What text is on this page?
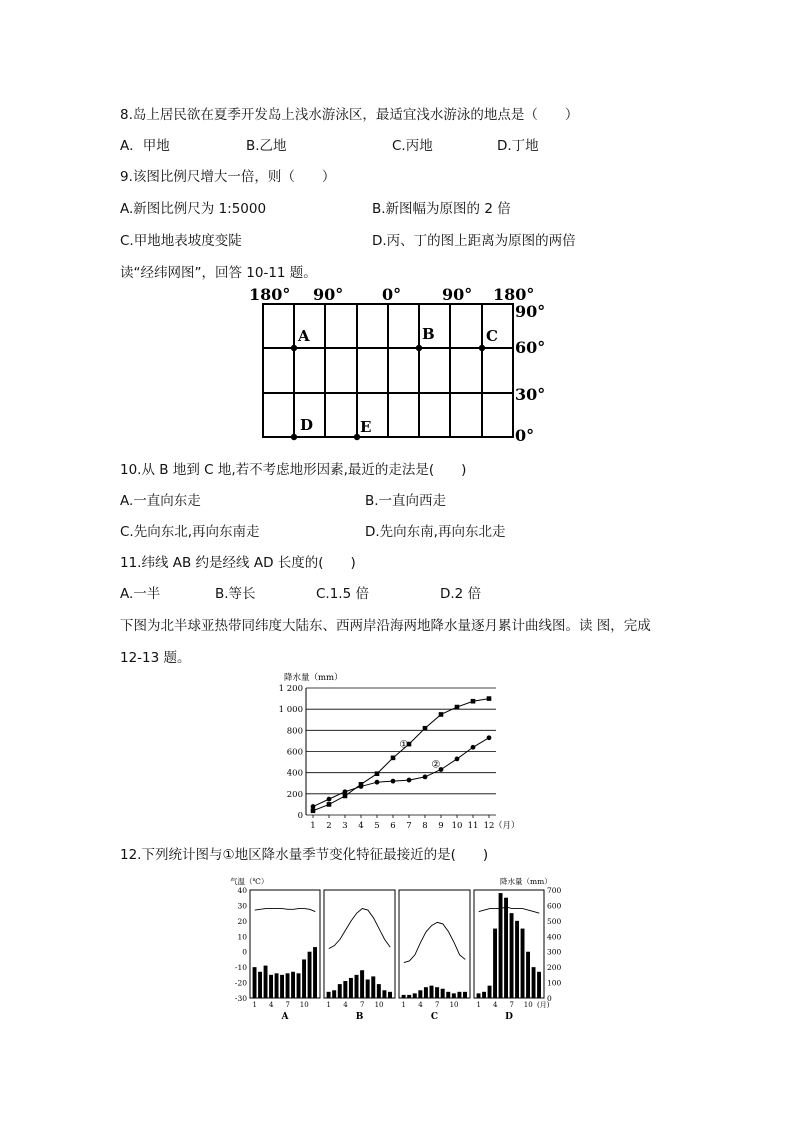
8.岛上居民欲在夏季开发岛上浅水游泳区，最适宜浅水游泳的地点是（　　）
A．甲地	B.乙地	C.丙地	D.丁地
9.该图比例尺增大一倍，则（　　）
A.新图比例尺为 1:5000	B.新图幅为原图的 2 倍
C.甲地地表坡度变陡	D.丙、丁的图上距离为原图的两倍
读“经纬网图”，回答 10-11 题。
180° 90° 0°	90° 180°
90°
60°
30°
0°
A	B	C
D	E
10.从 B 地到 C 地,若不考虑地形因素,最近的走法是(　　)
A.一直向东走	B.一直向西走
C.先向东北,再向东南走	D.先向东南,再向东北走
11.纬线 AB 约是经线 AD 长度的(　　)
A.一半	B.等长	C.1.5 倍	D.2 倍
下图为北半球亚热带同纬度大陆东、西两岸沿海两地降水量逐月累计曲线图。读 图，完成
12-13 题。
降水量（mm）
0
200
400
600
800
1 000
1 200
1 2 3 4 5 6 7 8 9 10 11 12 （月）
①
②
12.下列统计图与①地区降水量季节变化特征最接近的是(　　)
气温（℃）	降水量（mm）
40
30
20
10
0
-10
-20
-30
700
600
500
400
300
200
100
0
1 4 7 10
A
1 4 7 10
B
1 4 7 10
C
1 4 7 10
D
(月)
